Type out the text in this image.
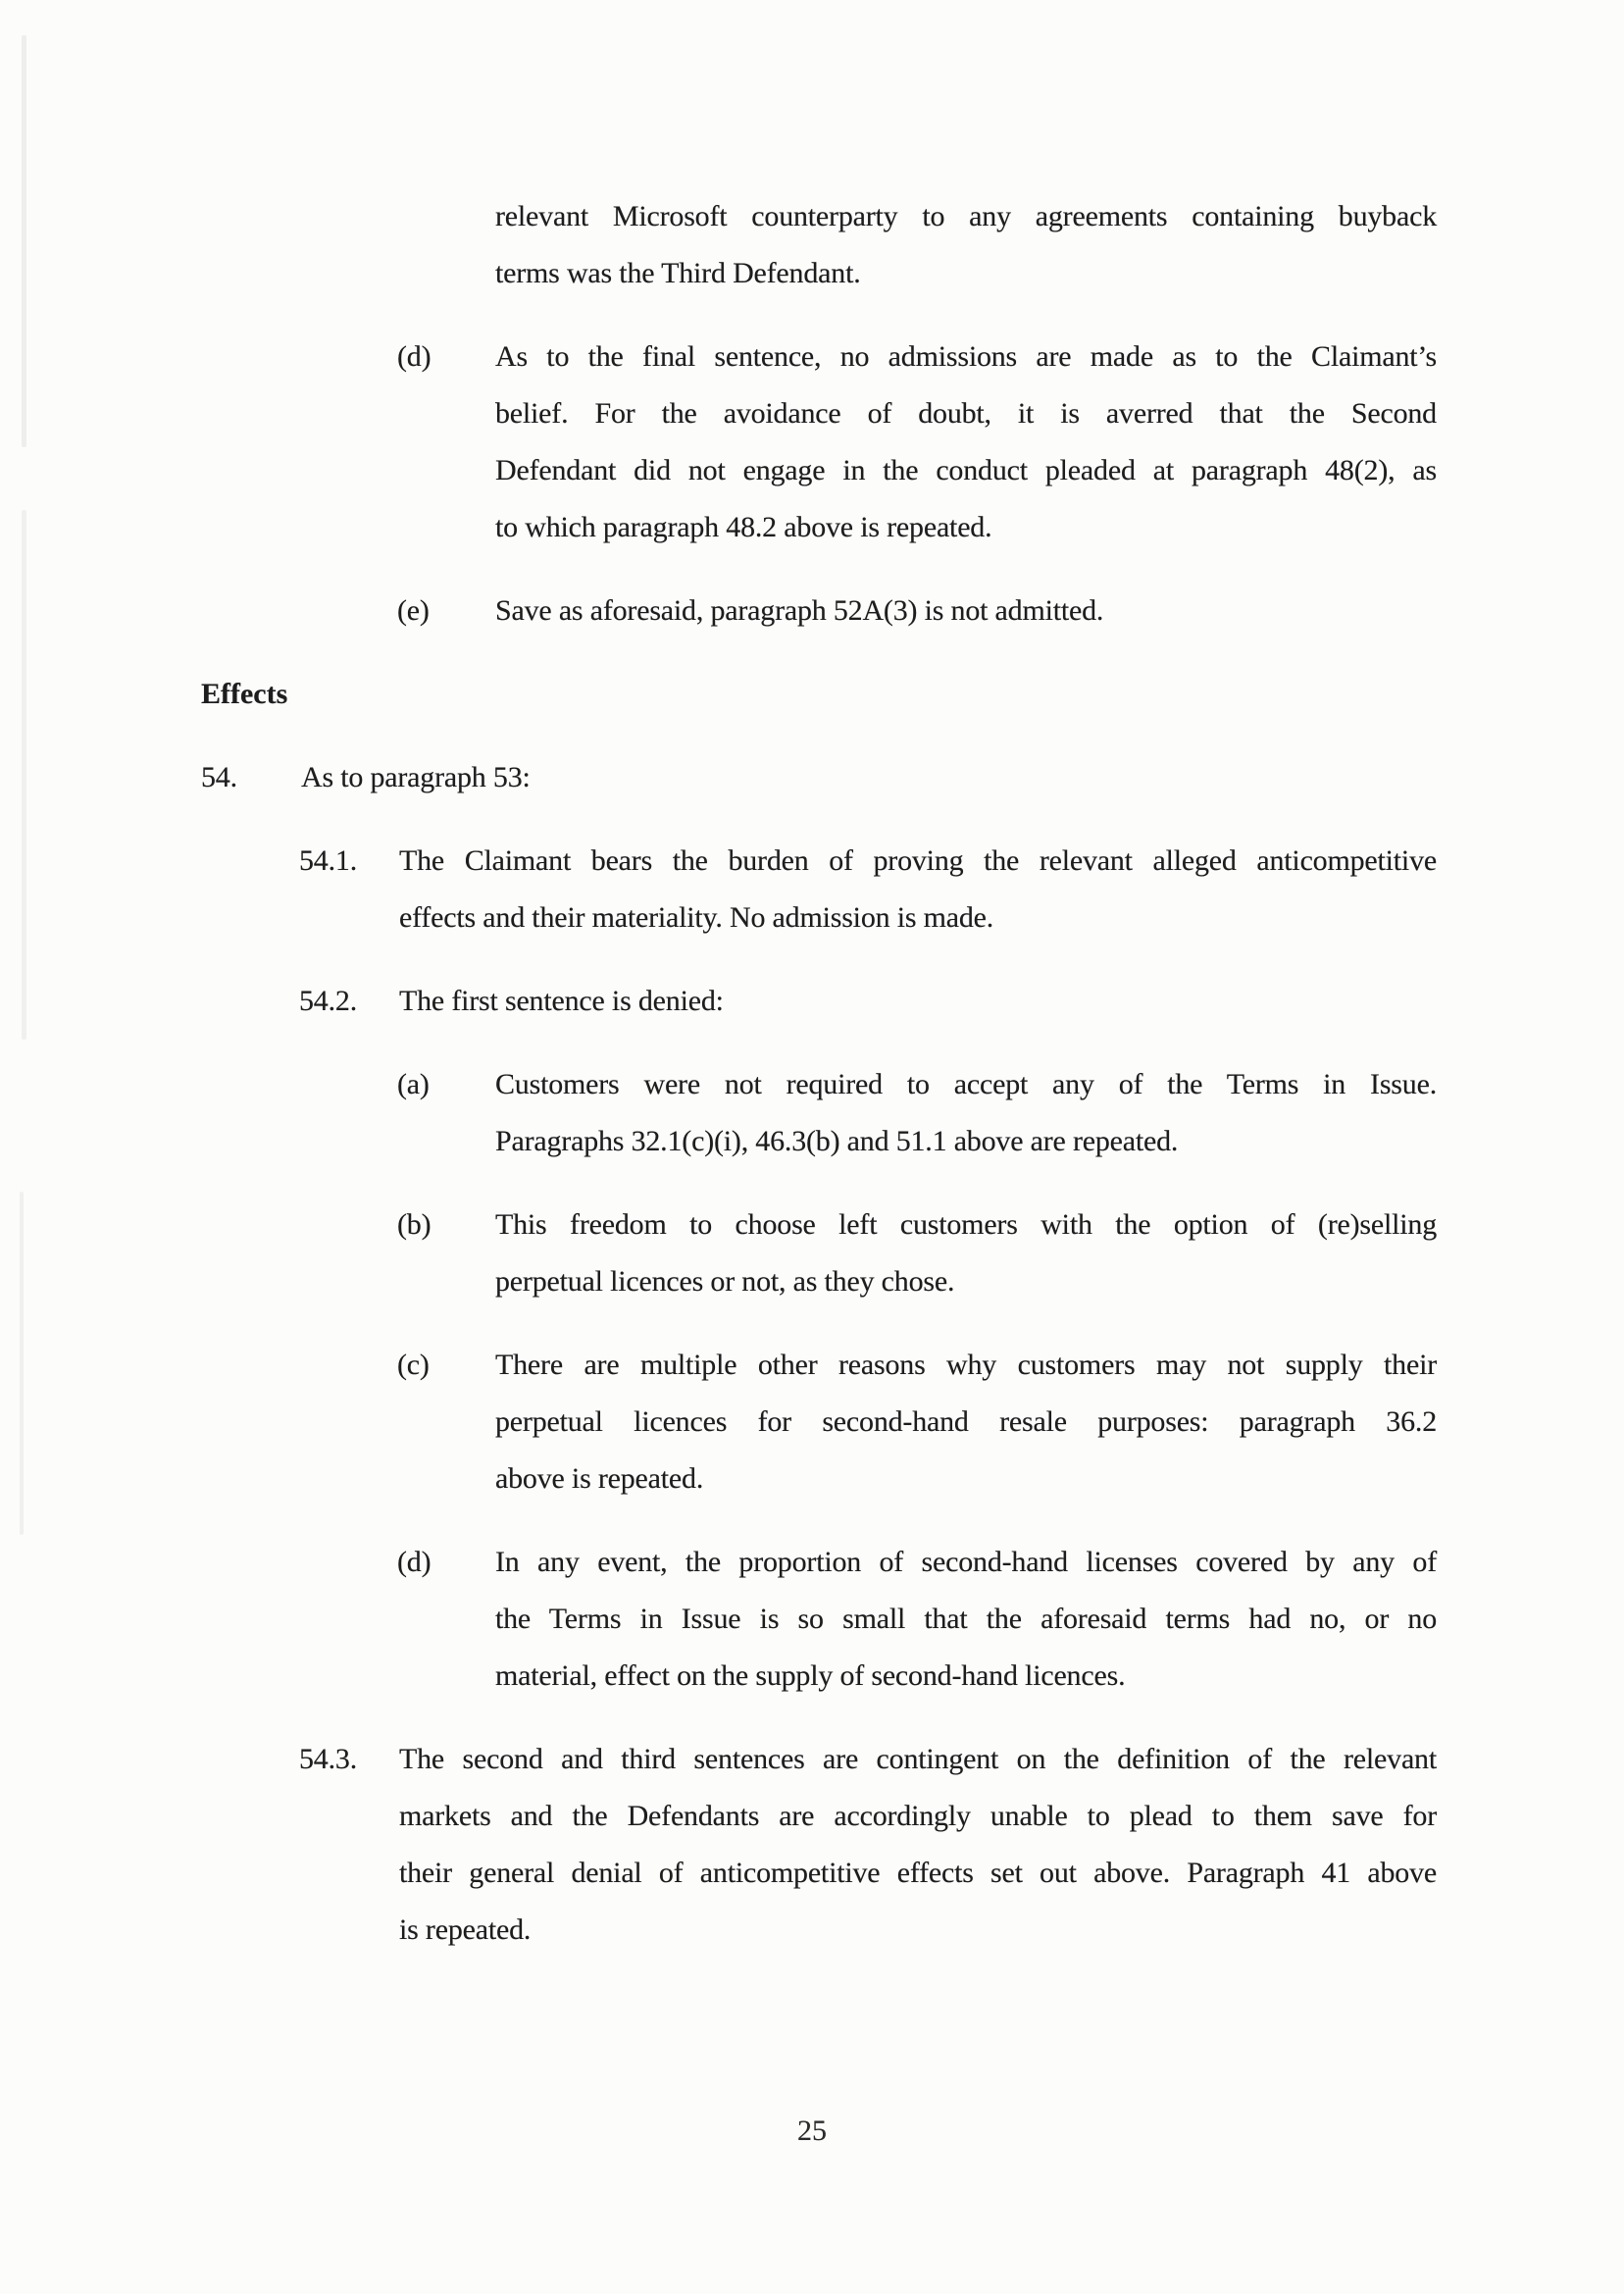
relevant Microsoft counterparty to any agreements containing buyback
terms was the Third Defendant.
(d) As to the final sentence, no admissions are made as to the Claimant’s
belief. For the avoidance of doubt, it is averred that the Second
Defendant did not engage in the conduct pleaded at paragraph 48(2), as
to which paragraph 48.2 above is repeated.
(e) Save as aforesaid, paragraph 52A(3) is not admitted.
Effects
54. As to paragraph 53:
54.1. The Claimant bears the burden of proving the relevant alleged anticompetitive
effects and their materiality. No admission is made.
54.2. The first sentence is denied:
(a) Customers were not required to accept any of the Terms in Issue.
Paragraphs 32.1(c)(i), 46.3(b) and 51.1 above are repeated.
(b) This freedom to choose left customers with the option of (re)selling
perpetual licences or not, as they chose.
(c) There are multiple other reasons why customers may not supply their
perpetual licences for second-hand resale purposes: paragraph 36.2
above is repeated.
(d) In any event, the proportion of second-hand licenses covered by any of
the Terms in Issue is so small that the aforesaid terms had no, or no
material, effect on the supply of second-hand licences.
54.3. The second and third sentences are contingent on the definition of the relevant
markets and the Defendants are accordingly unable to plead to them save for
their general denial of anticompetitive effects set out above. Paragraph 41 above
is repeated.
25
